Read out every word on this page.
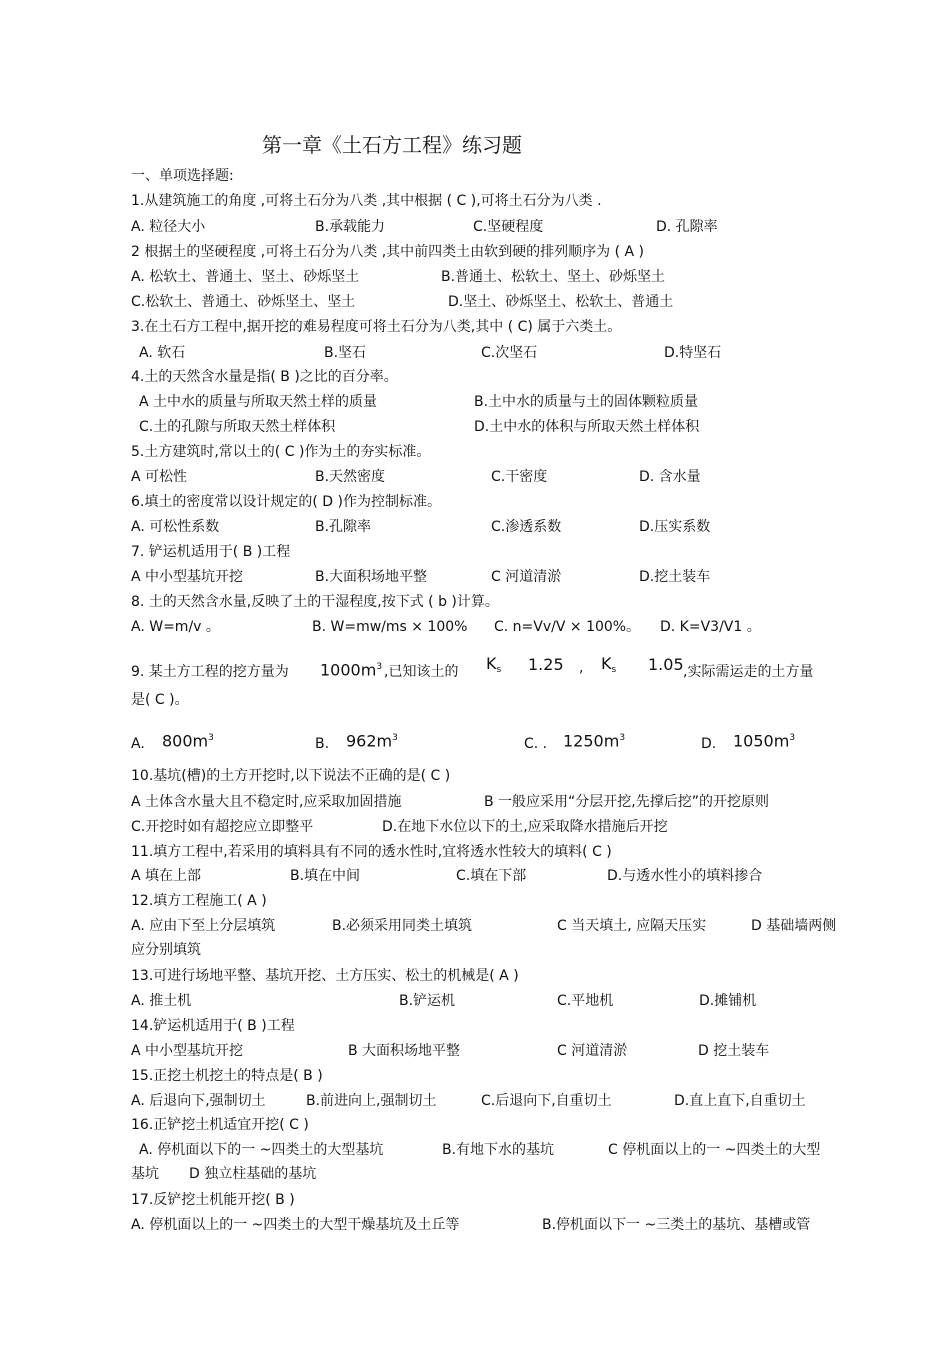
第一章《土石方工程》练习题
一、单项选择题:
1.从建筑施工的角度 ,可将土石分为八类 ,其中根据 ( C ),可将土石分为八类 .
A. 粒径大小	B.承载能力	C.坚硬程度	D. 孔隙率
2 根据土的坚硬程度 ,可将土石分为八类 ,其中前四类土由软到硬的排列顺序为 ( A )
A. 松软土、普通土、坚土、砂烁坚土	B.普通土、松软土、坚土、砂烁坚土
C.松软土、普通土、砂烁坚土、坚土	D.坚土、砂烁坚土、松软土、普通土
3.在土石方工程中,据开挖的难易程度可将土石分为八类,其中 ( C) 属于六类土。
A. 软石	B.坚石	C.次坚石	D.特坚石
4.土的天然含水量是指( B )之比的百分率。
A 土中水的质量与所取天然土样的质量	B.土中水的质量与土的固体颗粒质量
C.土的孔隙与所取天然土样体积	D.土中水的体积与所取天然土样体积
5.土方建筑时,常以土的( C )作为土的夯实标准。
A 可松性	B.天然密度	C.干密度	D. 含水量
6.填土的密度常以设计规定的( D )作为控制标准。
A. 可松性系数	B.孔隙率	C.渗透系数	D.压实系数
7. 铲运机适用于( B )工程
A 中小型基坑开挖	B.大面积场地平整	C 河道清淤	D.挖土装车
8. 土的天然含水量,反映了土的干湿程度,按下式 ( b )计算。
A. W=m/v 。	B. W=mw/ms × 100% C. n=Vv/V × 100%。 D. K=V3/V1 。
9. 某土方工程的挖方量为 $1000m^3$ ,已知该土的 $K_s$ 1.25 , $K_s$ 1.05 ,实际需运走的土方量
是( C )。
A. $800m^3$	B. $962m^3$	C. . $1250m^3$	D. $1050m^3$
10.基坑(槽)的土方开挖时,以下说法不正确的是( C )
A 土体含水量大且不稳定时,应采取加固措施	B 一般应采用“分层开挖,先撑后挖”的开挖原则
C.开挖时如有超挖应立即整平	D.在地下水位以下的土,应采取降水措施后开挖
11.填方工程中,若采用的填料具有不同的透水性时,宜将透水性较大的填料( C )
A 填在上部	B.填在中间	C.填在下部	D.与透水性小的填料掺合
12.填方工程施工( A )
A. 应由下至上分层填筑	B.必须采用同类土填筑	C 当天填土, 应隔天压实	D 基础墙两侧
应分别填筑
13.可进行场地平整、基坑开挖、土方压实、松土的机械是( A )
A. 推土机	B.铲运机	C.平地机	D.摊铺机
14.铲运机适用于( B )工程
A 中小型基坑开挖	B 大面积场地平整	C 河道清淤	D 挖土装车
15.正挖土机挖土的特点是( B )
A. 后退向下,强制切土	B.前进向上,强制切土	C.后退向下,自重切土	D.直上直下,自重切土
16.正铲挖土机适宜开挖( C )
A. 停机面以下的一 ~四类土的大型基坑	B.有地下水的基坑	C 停机面以上的一 ~四类土的大型
基坑 D 独立柱基础的基坑
17.反铲挖土机能开挖( B )
A. 停机面以上的一 ~四类土的大型干燥基坑及土丘等	B.停机面以下一 ~三类土的基坑、基槽或管
